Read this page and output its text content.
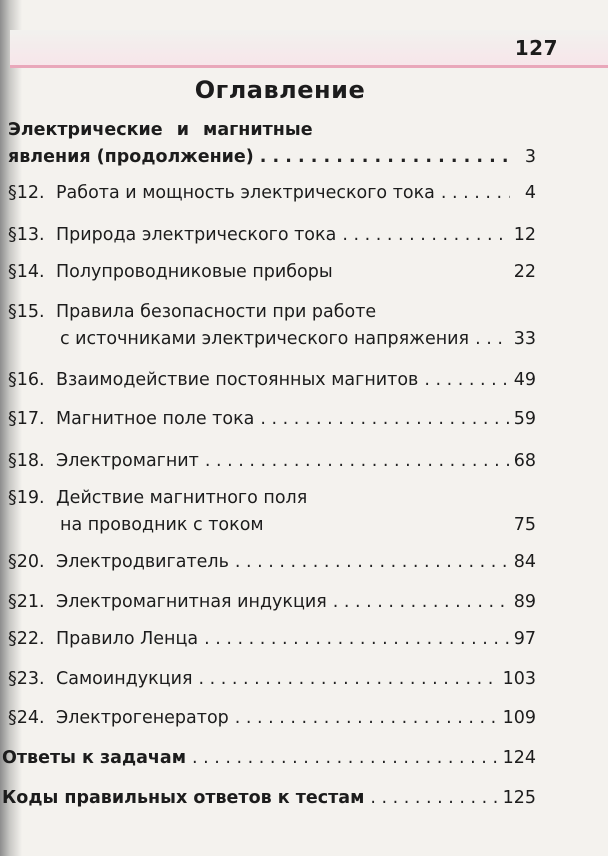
127
Оглавление
Электрические и магнитные
явления (продолжение) . . .	3
§12. Работа и мощность электрического тока . . .	4
§13. Природа электрического тока . . .	12
§14. Полупроводниковые приборы	22
§15. Правила безопасности при работе
с источниками электрического напряжения . . .	33
§16. Взаимодействие постоянных магнитов . . .	49
§17. Магнитное поле тока . . .	59
§18. Электромагнит . . .	68
§19. Действие магнитного поля
на проводник с током	75
§20. Электродвигатель . . .	84
§21. Электромагнитная индукция . . .	89
§22. Правило Ленца . . .	97
§23. Самоиндукция . . .	103
§24. Электрогенератор . . .	109
Ответы к задачам . . .	124
Коды правильных ответов к тестам . . .	125
